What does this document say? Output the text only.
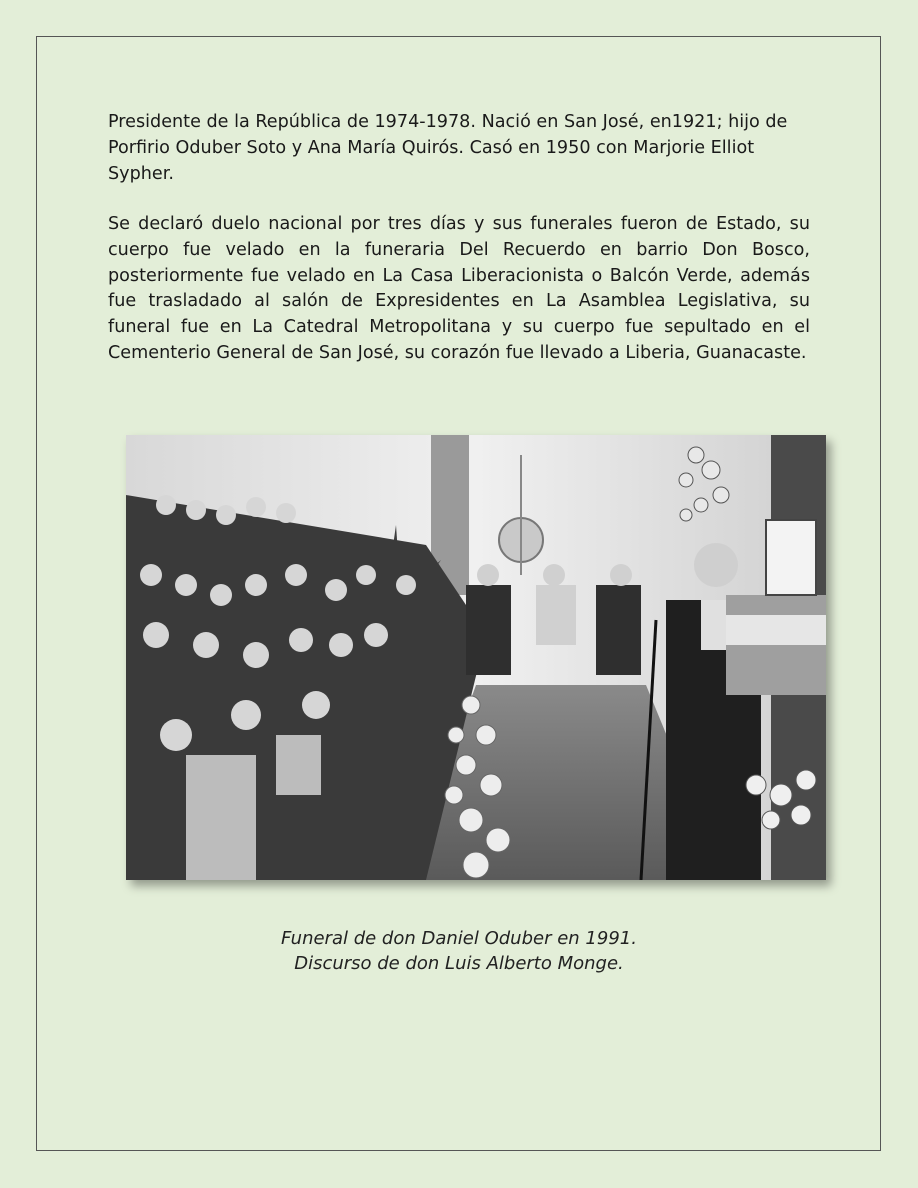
Presidente de la República de 1974-1978. Nació en San José, en1921; hijo de Porfirio Oduber Soto y Ana María Quirós. Casó en 1950 con Marjorie Elliot Sypher.

Se declaró duelo nacional por tres días y sus funerales fueron de Estado, su cuerpo fue velado en la funeraria Del Recuerdo en barrio Don Bosco, posteriormente fue velado en La Casa Liberacionista o Balcón Verde, además fue trasladado al salón de Expresidentes en La Asamblea Legislativa, su funeral fue en La Catedral Metropolitana y su cuerpo fue sepultado en el Cementerio General de San José, su corazón fue llevado a Liberia, Guanacaste.

Funeral de don Daniel Oduber en 1991.
Discurso de don Luis Alberto Monge.
